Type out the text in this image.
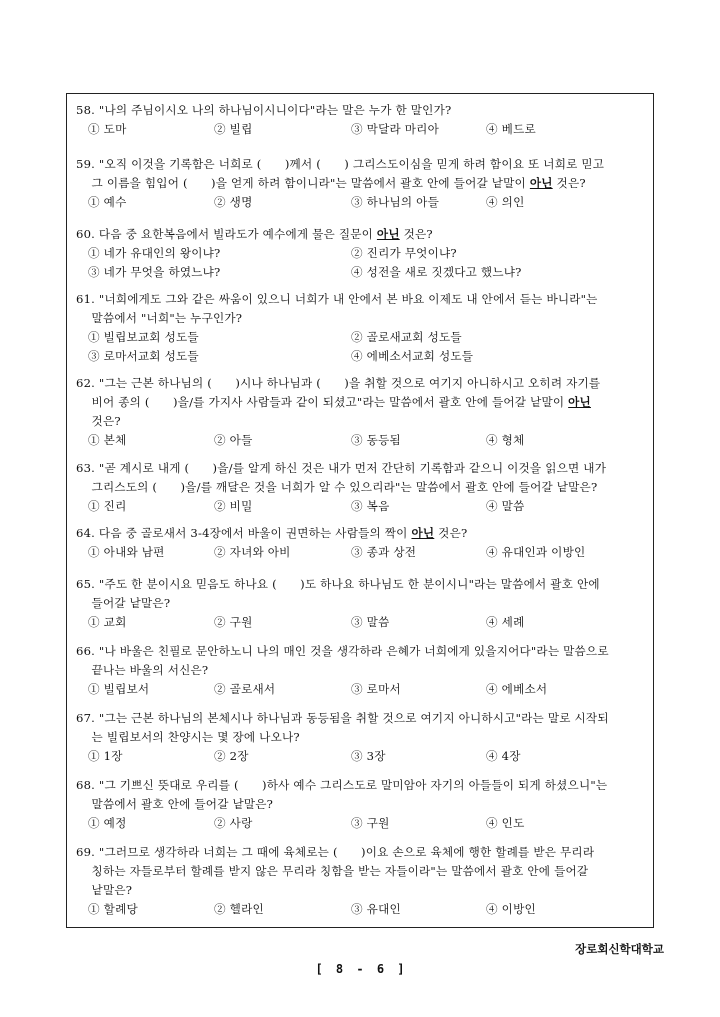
58. "나의 주님이시오 나의 하나님이시니이다"라는 말은 누가 한 말인가?
① 도마	② 빌립	③ 막달라 마리아	④ 베드로
59. "오직 이것을 기록함은 너희로 (      )께서 (      ) 그리스도이심을 믿게 하려 함이요 또 너희로 믿고
그 이름을 힘입어 (      )을 얻게 하려 함이니라"는 말씀에서 괄호 안에 들어갈 낱말이 아닌 것은?
① 예수	② 생명	③ 하나님의 아들	④ 의인
60. 다음 중 요한복음에서 빌라도가 예수에게 물은 질문이 아닌 것은?
① 네가 유대인의 왕이냐?	② 진리가 무엇이냐?
③ 네가 무엇을 하였느냐?	④ 성전을 새로 짓겠다고 했느냐?
61. "너희에게도 그와 같은 싸움이 있으니 너희가 내 안에서 본 바요 이제도 내 안에서 듣는 바니라"는
말씀에서 "너희"는 누구인가?
① 빌립보교회 성도들	② 골로새교회 성도들
③ 로마서교회 성도들	④ 에베소서교회 성도들
62. "그는 근본 하나님의 (      )시나 하나님과 (      )을 취할 것으로 여기지 아니하시고 오히려 자기를
비어 종의 (      )을/를 가지사 사람들과 같이 되셨고"라는 말씀에서 괄호 안에 들어갈 낱말이 아닌
것은?
① 본체	② 아들	③ 동등됨	④ 형체
63. "곧 계시로 내게 (      )을/를 알게 하신 것은 내가 먼저 간단히 기록함과 같으니 이것을 읽으면 내가
그리스도의 (      )을/를 깨달은 것을 너희가 알 수 있으리라"는 말씀에서 괄호 안에 들어갈 낱말은?
① 진리	② 비밀	③ 복음	④ 말씀
64. 다음 중 골로새서 3-4장에서 바울이 권면하는 사람들의 짝이 아닌 것은?
① 아내와 남편	② 자녀와 아비	③ 종과 상전	④ 유대인과 이방인
65. "주도 한 분이시요 믿음도 하나요 (      )도 하나요 하나님도 한 분이시니"라는 말씀에서 괄호 안에
들어갈 낱말은?
① 교회	② 구원	③ 말씀	④ 세례
66. "나 바울은 친필로 문안하노니 나의 매인 것을 생각하라 은혜가 너희에게 있을지어다"라는 말씀으로
끝나는 바울의 서신은?
① 빌립보서	② 골로새서	③ 로마서	④ 에베소서
67. "그는 근본 하나님의 본체시나 하나님과 동등됨을 취할 것으로 여기지 아니하시고"라는 말로 시작되
는 빌립보서의 찬양시는 몇 장에 나오나?
① 1장	② 2장	③ 3장	④ 4장
68. "그 기쁘신 뜻대로 우리를 (      )하사 예수 그리스도로 말미암아 자기의 아들들이 되게 하셨으니"는
말씀에서 괄호 안에 들어갈 낱말은?
① 예정	② 사랑	③ 구원	④ 인도
69. "그러므로 생각하라 너희는 그 때에 육체로는 (      )이요 손으로 육체에 행한 할례를 받은 무리라
칭하는 자들로부터 할례를 받지 않은 무리라 칭함을 받는 자들이라"는 말씀에서 괄호 안에 들어갈
낱말은?
① 할례당	② 헬라인	③ 유대인	④ 이방인
장로회신학대학교
[ 8 - 6 ]
